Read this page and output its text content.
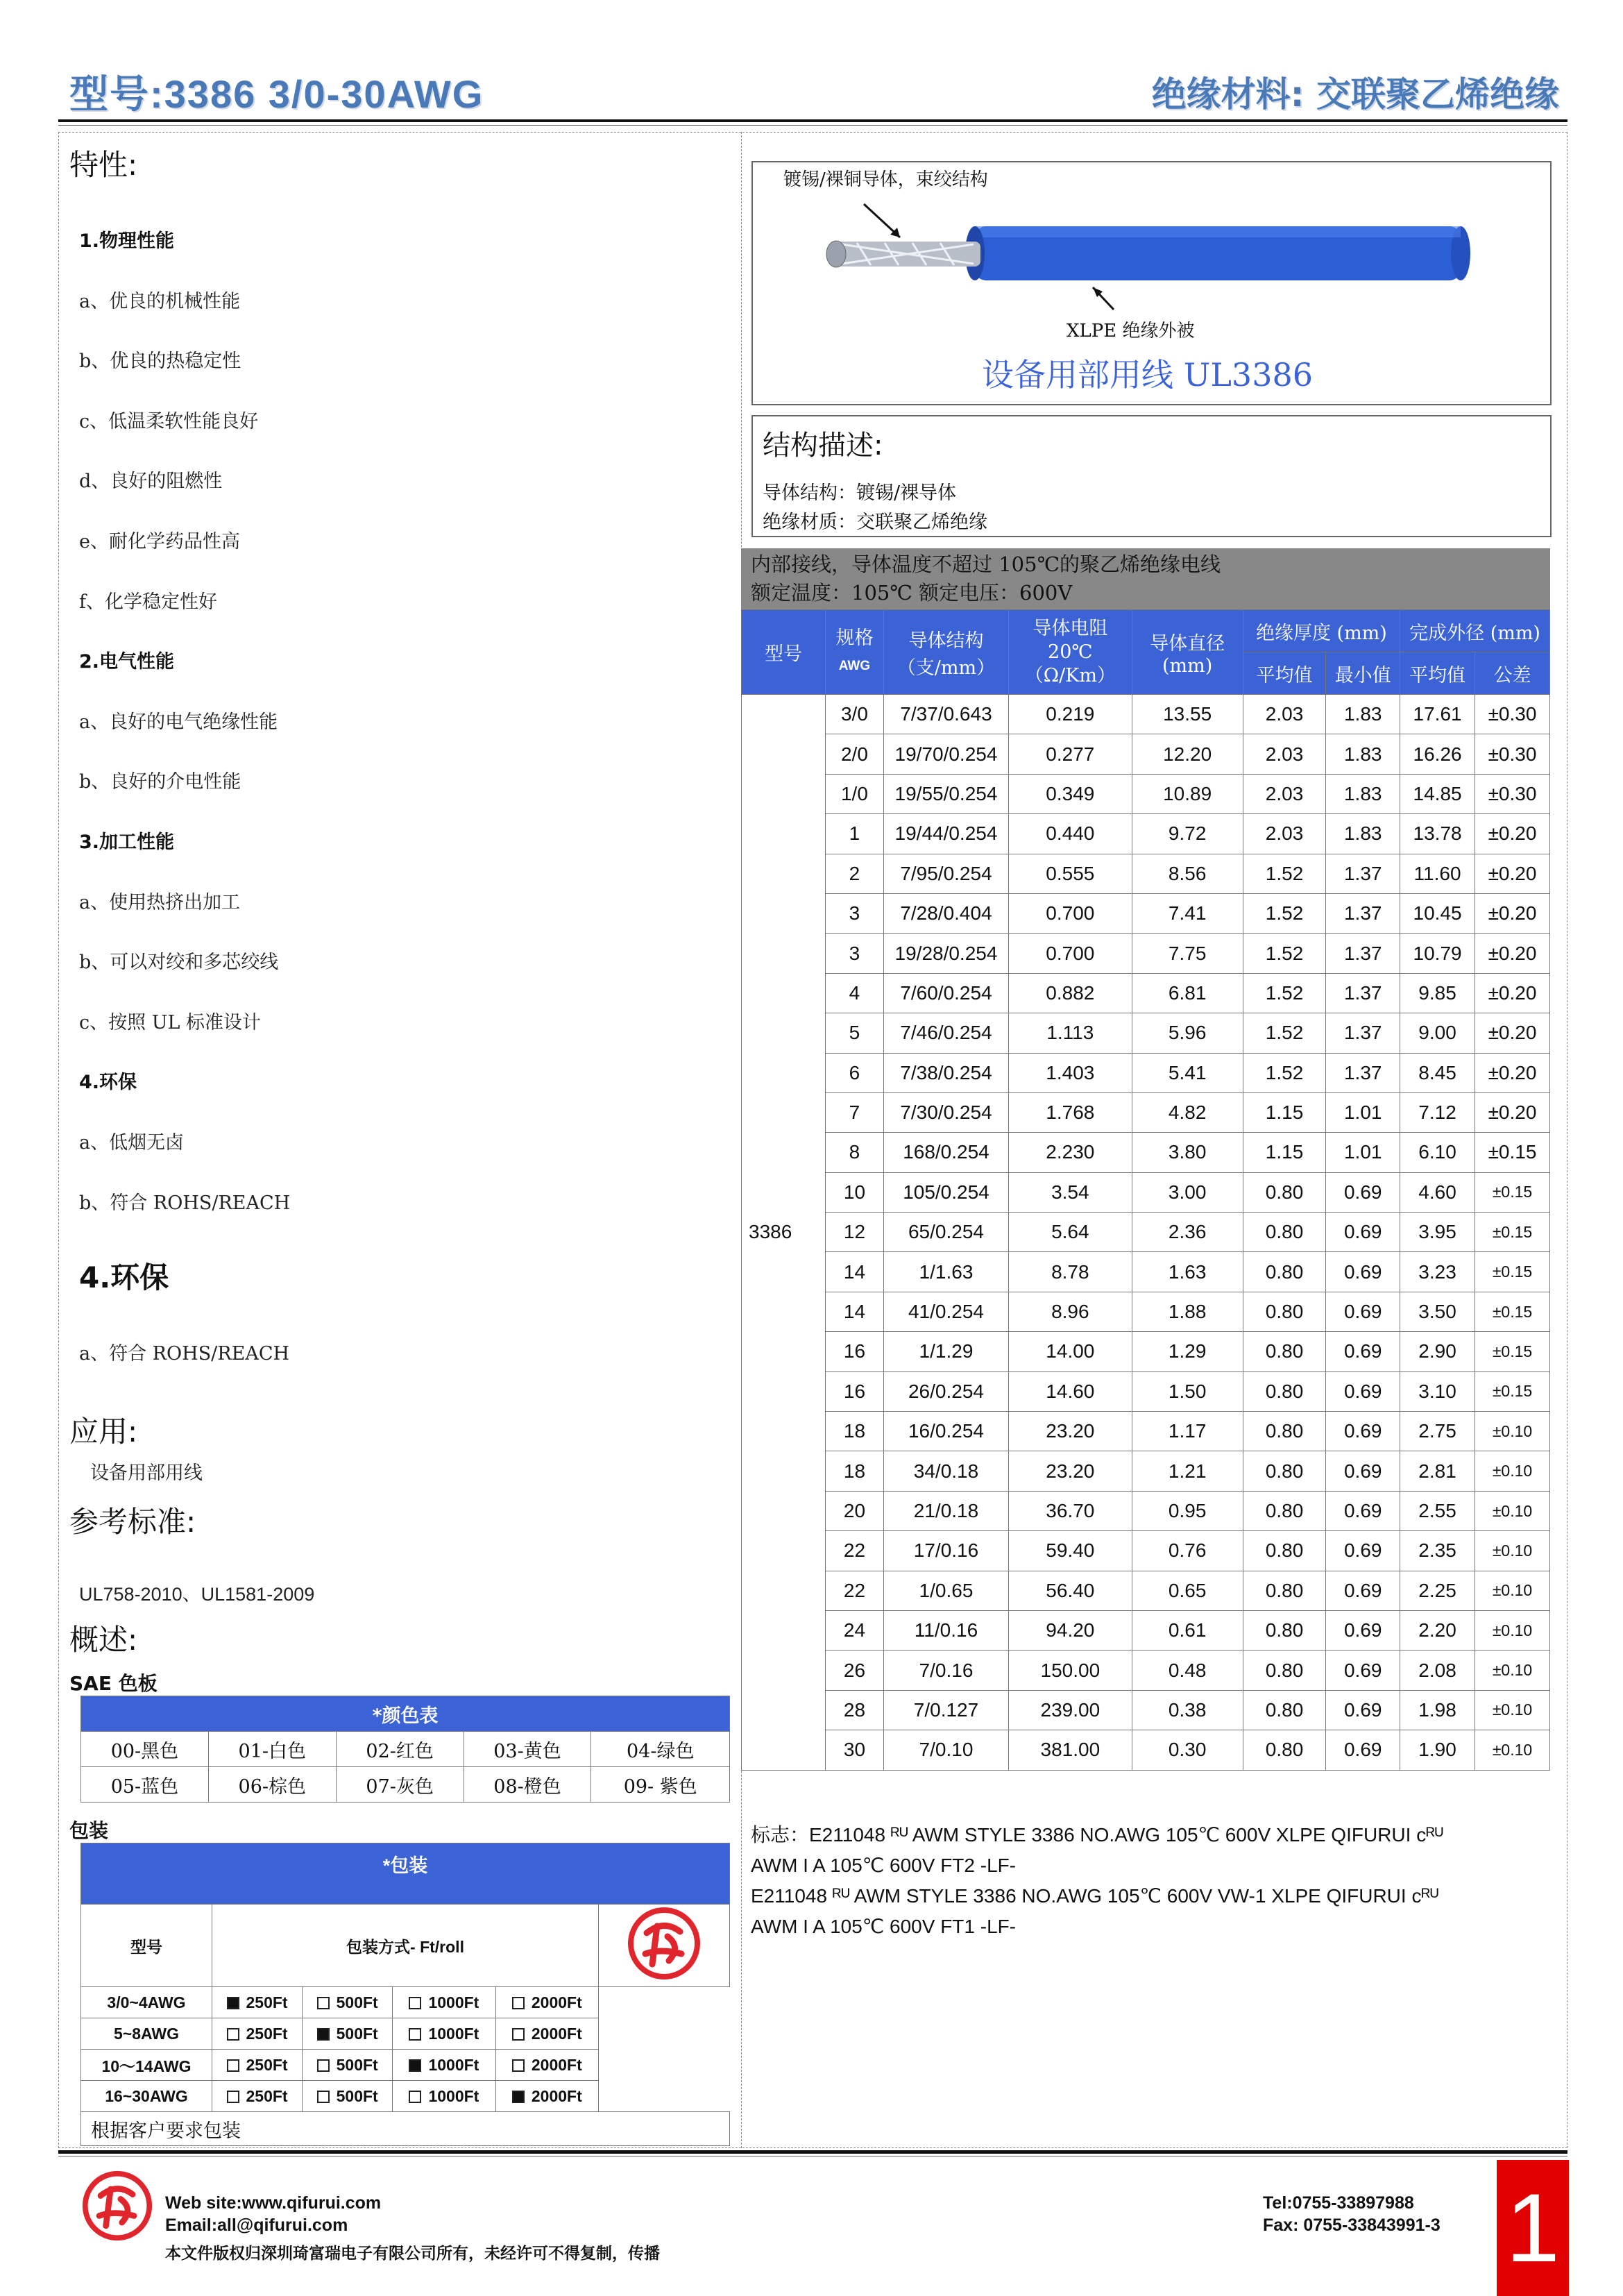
型号:3386 3/0-30AWG	绝缘材料: 交联聚乙烯绝缘
特性:
1.物理性能
a、优良的机械性能
b、优良的热稳定性
c、低温柔软性能良好
d、良好的阻燃性
e、耐化学药品性高
f、化学稳定性好
2.电气性能
a、良好的电气绝缘性能
b、良好的介电性能
3.加工性能
a、使用热挤出加工
b、可以对绞和多芯绞线
c、按照 UL 标准设计
4.环保
a、低烟无卤
b、符合 ROHS/REACH
4.环保
a、符合 ROHS/REACH
应用:
设备用部用线
参考标准:
UL758-2010、UL1581-2009
概述:
SAE 色板
*颜色表				
00-黑色	01-白色	02-红色	03-黄色	04-绿色
05-蓝色	06-棕色	07-灰色	08-橙色	09- 紫色
包装
*包装					
型号	包装方式- Ft/roll	
3/0~4AWG	250Ft	500Ft	1000Ft	2000Ft	
5~8AWG	250Ft	500Ft	1000Ft	2000Ft	
10～14AWG	250Ft	500Ft	1000Ft	2000Ft	
16~30AWG	250Ft	500Ft	1000Ft	2000Ft	
根据客户要求包装					
镀锡/裸铜导体，束绞结构
XLPE 绝缘外被
设备用部用线 UL3386
结构描述:
导体结构：镀锡/裸导体
绝缘材质：交联聚乙烯绝缘
内部接线，导体温度不超过 105℃的聚乙烯绝缘电线
额定温度：105℃ 额定电压：600V
型号	规格
AWG	导体结构（支/mm）	导体电阻 20℃ （Ω/Km）	导体直径(mm)	绝缘厚度 (mm)		完成外径 (mm)	
					平均值	最小值	平均值	公差
3386	3/0	7/37/0.643	0.219	13.55	2.03	1.83	17.61	±0.30
	2/0	19/70/0.254	0.277	12.20	2.03	1.83	16.26	±0.30
	1/0	19/55/0.254	0.349	10.89	2.03	1.83	14.85	±0.30
	1	19/44/0.254	0.440	9.72	2.03	1.83	13.78	±0.20
	2	7/95/0.254	0.555	8.56	1.52	1.37	11.60	±0.20
	3	7/28/0.404	0.700	7.41	1.52	1.37	10.45	±0.20
	3	19/28/0.254	0.700	7.75	1.52	1.37	10.79	±0.20
	4	7/60/0.254	0.882	6.81	1.52	1.37	9.85	±0.20
	5	7/46/0.254	1.113	5.96	1.52	1.37	9.00	±0.20
	6	7/38/0.254	1.403	5.41	1.52	1.37	8.45	±0.20
	7	7/30/0.254	1.768	4.82	1.15	1.01	7.12	±0.20
	8	168/0.254	2.230	3.80	1.15	1.01	6.10	±0.15
	10	105/0.254	3.54	3.00	0.80	0.69	4.60	±0.15
	12	65/0.254	5.64	2.36	0.80	0.69	3.95	±0.15
	14	1/1.63	8.78	1.63	0.80	0.69	3.23	±0.15
	14	41/0.254	8.96	1.88	0.80	0.69	3.50	±0.15
	16	1/1.29	14.00	1.29	0.80	0.69	2.90	±0.15
	16	26/0.254	14.60	1.50	0.80	0.69	3.10	±0.15
	18	16/0.254	23.20	1.17	0.80	0.69	2.75	±0.10
	18	34/0.18	23.20	1.21	0.80	0.69	2.81	±0.10
	20	21/0.18	36.70	0.95	0.80	0.69	2.55	±0.10
	22	17/0.16	59.40	0.76	0.80	0.69	2.35	±0.10
	22	1/0.65	56.40	0.65	0.80	0.69	2.25	±0.10
	24	11/0.16	94.20	0.61	0.80	0.69	2.20	±0.10
	26	7/0.16	150.00	0.48	0.80	0.69	2.08	±0.10
	28	7/0.127	239.00	0.38	0.80	0.69	1.98	±0.10
	30	7/0.10	381.00	0.30	0.80	0.69	1.90	±0.10
标志：E211048 ᴿᵁ AWM STYLE 3386 NO.AWG 105℃ 600V XLPE QIFURUI cᴿᵁ
AWM I A 105℃ 600V FT2 -LF-
E211048 ᴿᵁ AWM STYLE 3386 NO.AWG 105℃ 600V VW-1 XLPE QIFURUI cᴿᵁ
AWM I A 105℃ 600V FT1 -LF-
Web site:www.qifurui.com
Email:all@qifurui.com
本文件版权归深圳琦富瑞电子有限公司所有，未经许可不得复制，传播
Tel:0755-33897988
Fax: 0755-33843991-3 1
